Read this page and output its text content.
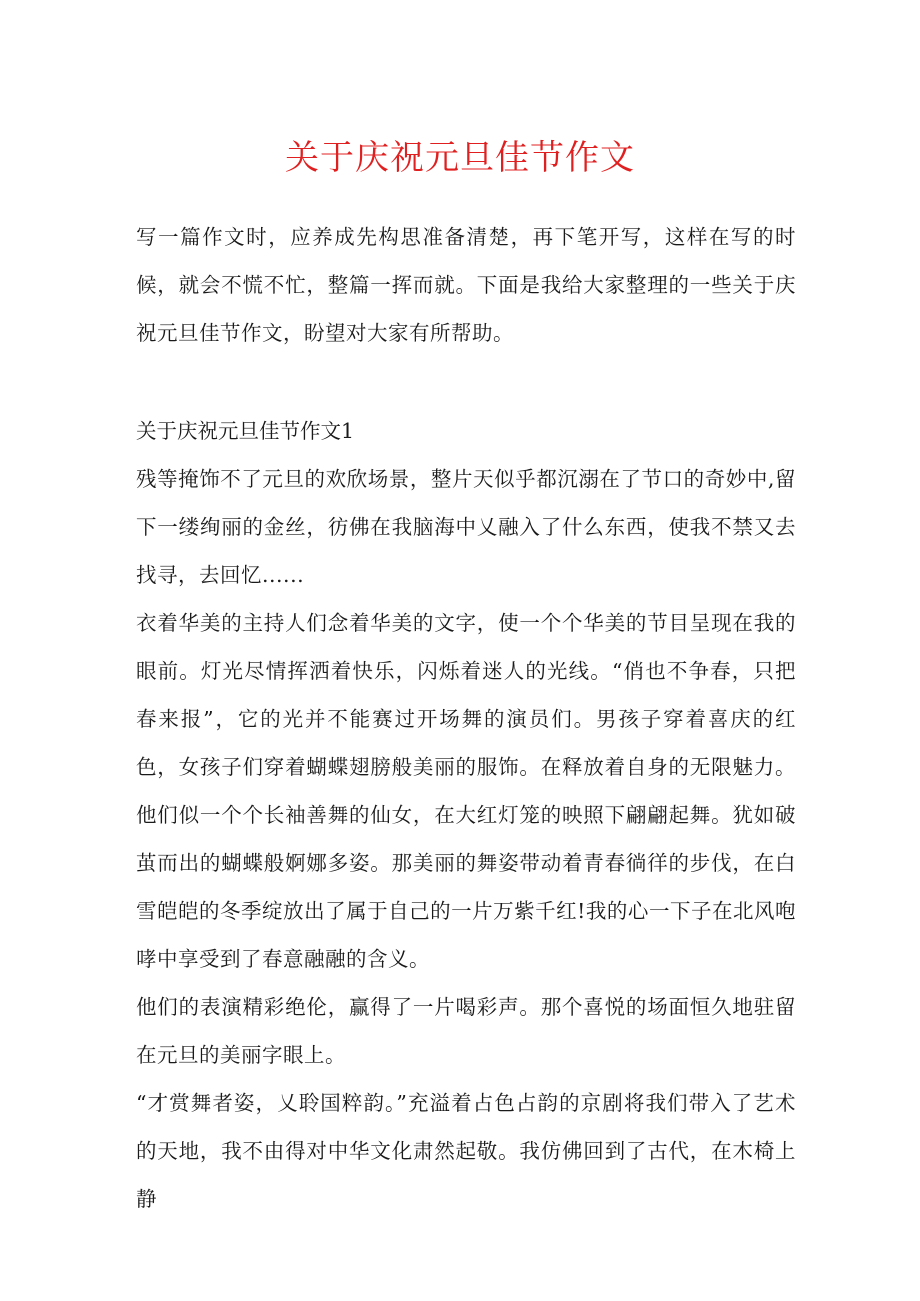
关于庆祝元旦佳节作文

写一篇作文时，应养成先构思准备清楚，再下笔开写，这样在写的时候，就会不慌不忙，整篇一挥而就。下面是我给大家整理的一些关于庆祝元旦佳节作文，盼望对大家有所帮助。

关于庆祝元旦佳节作文1

残等掩饰不了元旦的欢欣场景，整片天似乎都沉溺在了节口的奇妙中,留下一缕绚丽的金丝，彷佛在我脑海中乂融入了什么东西，使我不禁又去找寻，去回忆......

衣着华美的主持人们念着华美的文字，使一个个华美的节目呈现在我的眼前。灯光尽情挥洒着快乐，闪烁着迷人的光线。“俏也不争春，只把春来报”，它的光并不能赛过开场舞的演员们。男孩子穿着喜庆的红色，女孩子们穿着蝴蝶翅膀般美丽的服饰。在释放着自身的无限魅力。他们似一个个长袖善舞的仙女，在大红灯笼的映照下翩翩起舞。犹如破茧而出的蝴蝶般婀娜多姿。那美丽的舞姿带动着青春徜徉的步伐，在白雪皑皑的冬季绽放出了属于自己的一片万紫千红!我的心一下子在北风咆哮中享受到了春意融融的含义。

他们的表演精彩绝伦，赢得了一片喝彩声。那个喜悦的场面恒久地驻留在元旦的美丽字眼上。

“才赏舞者姿，乂聆国粹韵。”充溢着占色占韵的京剧将我们带入了艺术的天地，我不由得对中华文化肃然起敬。我仿佛回到了古代，在木椅上静
